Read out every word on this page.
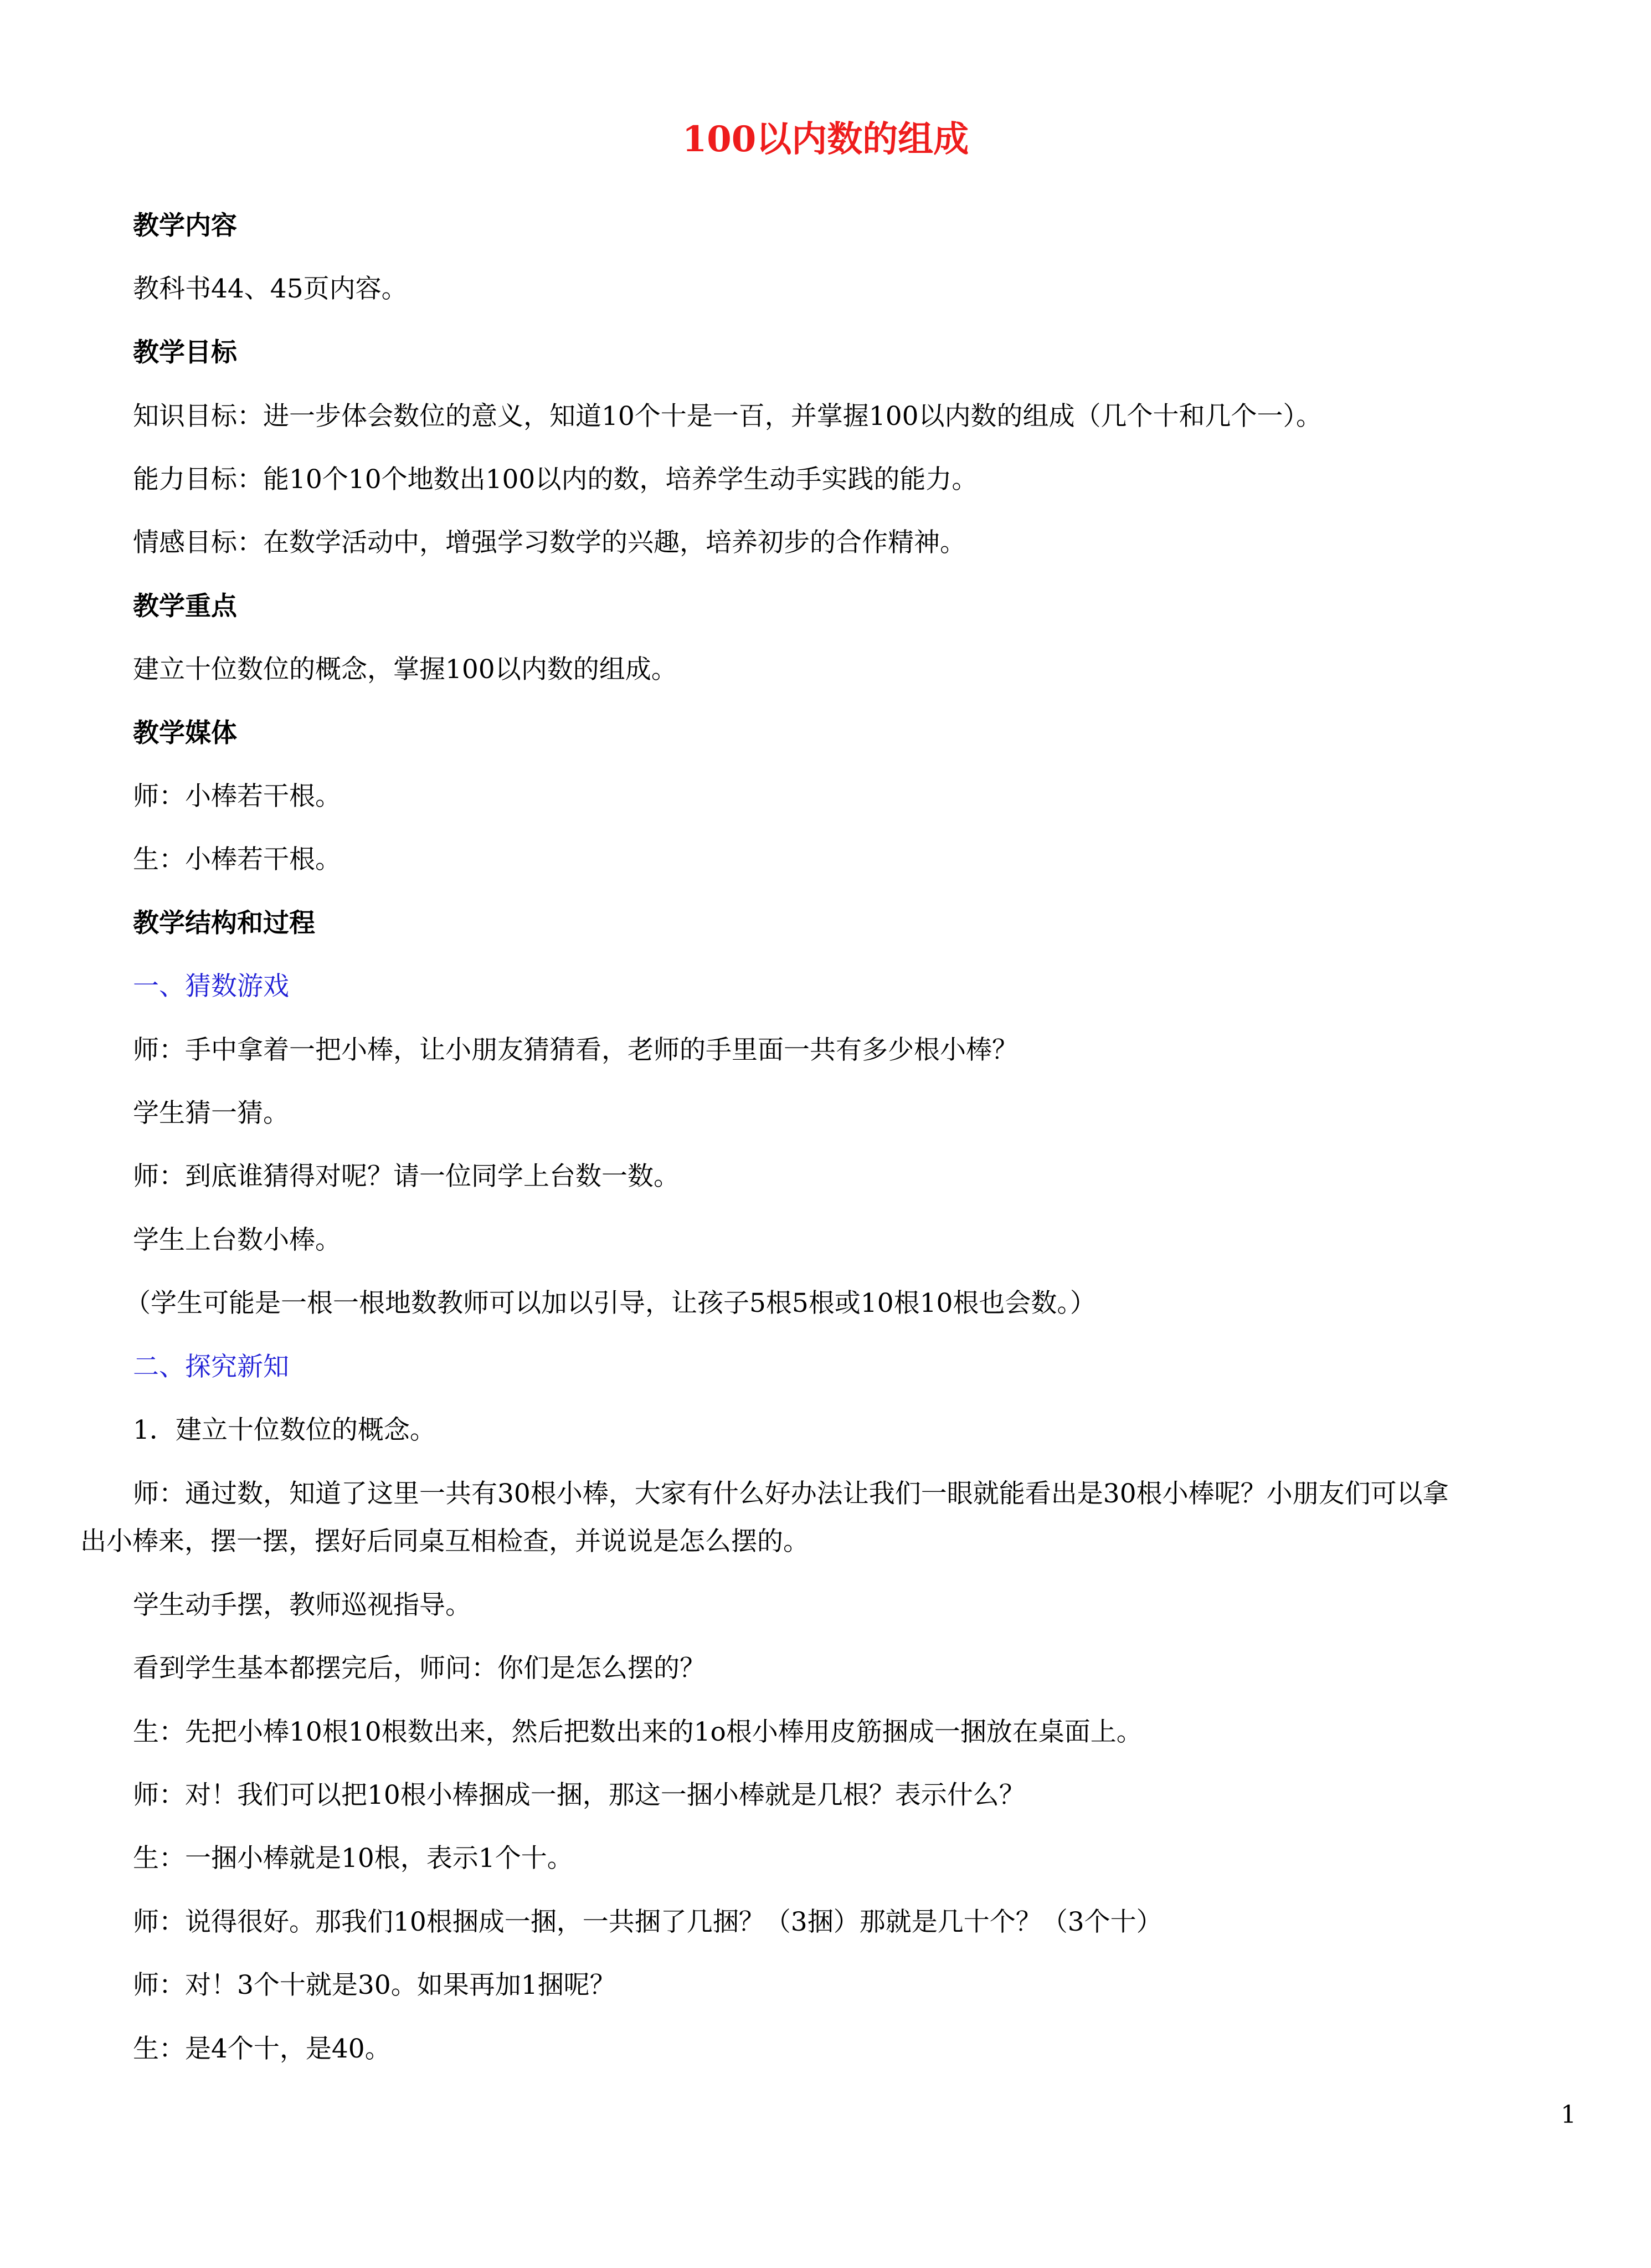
100以内数的组成
教学内容
教科书44、45页内容。
教学目标
知识目标：进一步体会数位的意义，知道10个十是一百，并掌握100以内数的组成（几个十和几个一）。
能力目标：能10个10个地数出100以内的数，培养学生动手实践的能力。
情感目标：在数学活动中，增强学习数学的兴趣，培养初步的合作精神。
教学重点
建立十位数位的概念，掌握100以内数的组成。
教学媒体
师：小棒若干根。
生：小棒若干根。
教学结构和过程
一、猜数游戏
师：手中拿着一把小棒，让小朋友猜猜看，老师的手里面一共有多少根小棒？
学生猜一猜。
师：到底谁猜得对呢？请一位同学上台数一数。
学生上台数小棒。
（学生可能是一根一根地数教师可以加以引导，让孩子5根5根或10根10根也会数。）
二、探究新知
1．建立十位数位的概念。
师：通过数，知道了这里一共有30根小棒，大家有什么好办法让我们一眼就能看出是30根小棒呢？小朋友们可以拿
出小棒来，摆一摆，摆好后同桌互相检查，并说说是怎么摆的。
学生动手摆，教师巡视指导。
看到学生基本都摆完后，师问：你们是怎么摆的？
生：先把小棒10根10根数出来，然后把数出来的1o根小棒用皮筋捆成一捆放在桌面上。
师：对！我们可以把10根小棒捆成一捆，那这一捆小棒就是几根？表示什么？
生：一捆小棒就是10根，表示1个十。
师：说得很好。那我们10根捆成一捆，一共捆了几捆？（3捆）那就是几十个？（3个十）
师：对！3个十就是30。如果再加1捆呢？
生：是4个十，是40。
1
